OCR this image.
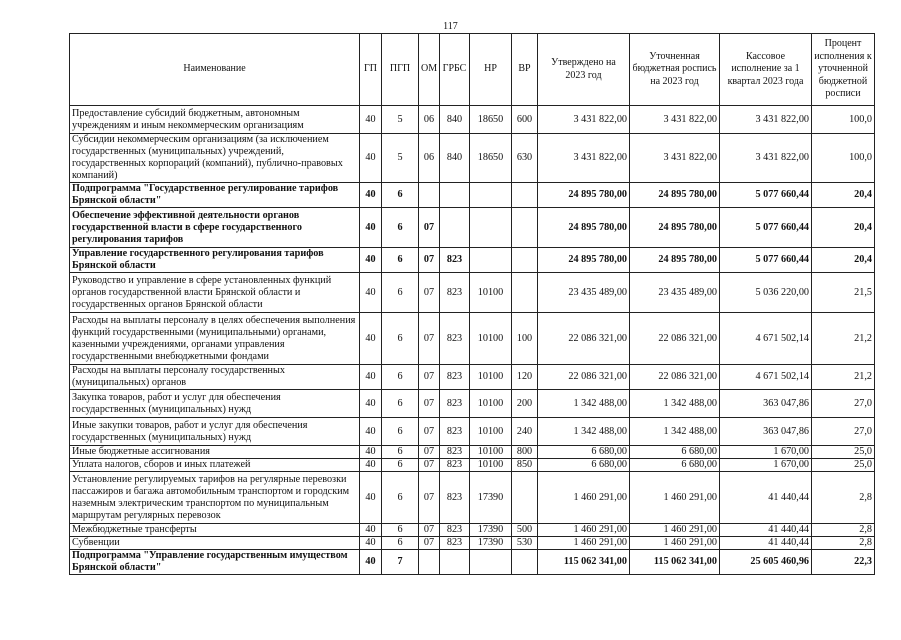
117
Наименование	ГП	ПГП	ОМ	ГРБС	НР	ВР	Утверждено на 2023 год	Уточненная бюджетная роспись на 2023 год	Кассовое исполнение за 1 квартал 2023 года	Процент исполнения к уточненной бюджетной росписи
Предоставление субсидий бюджетным, автономным учреждениям и иным некоммерческим организациям	40	5	06	840	18650	600	3 431 822,00	3 431 822,00	3 431 822,00	100,0
Субсидии некоммерческим организациям (за исключением государственных (муниципальных) учреждений, государственных корпораций (компаний), публично-правовых компаний)	40	5	06	840	18650	630	3 431 822,00	3 431 822,00	3 431 822,00	100,0
Подпрограмма "Государственное регулирование тарифов Брянской области"	40	6					24 895 780,00	24 895 780,00	5 077 660,44	20,4
Обеспечение эффективной деятельности органов государственной власти в сфере государственного регулирования тарифов	40	6	07				24 895 780,00	24 895 780,00	5 077 660,44	20,4
Управление государственного регулирования тарифов Брянской области	40	6	07	823			24 895 780,00	24 895 780,00	5 077 660,44	20,4
Руководство и управление в сфере установленных функций органов государственной власти Брянской области и государственных органов Брянской области	40	6	07	823	10100		23 435 489,00	23 435 489,00	5 036 220,00	21,5
Расходы на выплаты персоналу в целях обеспечения выполнения функций государственными (муниципальными) органами, казенными учреждениями, органами управления государственными внебюджетными фондами	40	6	07	823	10100	100	22 086 321,00	22 086 321,00	4 671 502,14	21,2
Расходы на выплаты персоналу государственных (муниципальных) органов	40	6	07	823	10100	120	22 086 321,00	22 086 321,00	4 671 502,14	21,2
Закупка товаров, работ и услуг для обеспечения государственных (муниципальных) нужд	40	6	07	823	10100	200	1 342 488,00	1 342 488,00	363 047,86	27,0
Иные закупки товаров, работ и услуг для обеспечения государственных (муниципальных) нужд	40	6	07	823	10100	240	1 342 488,00	1 342 488,00	363 047,86	27,0
Иные бюджетные ассигнования	40	6	07	823	10100	800	6 680,00	6 680,00	1 670,00	25,0
Уплата налогов, сборов и иных платежей	40	6	07	823	10100	850	6 680,00	6 680,00	1 670,00	25,0
Установление регулируемых тарифов на регулярные перевозки пассажиров и багажа автомобильным транспортом и городским наземным электрическим транспортом по муниципальным маршрутам регулярных перевозок	40	6	07	823	17390		1 460 291,00	1 460 291,00	41 440,44	2,8
Межбюджетные трансферты	40	6	07	823	17390	500	1 460 291,00	1 460 291,00	41 440,44	2,8
Субвенции	40	6	07	823	17390	530	1 460 291,00	1 460 291,00	41 440,44	2,8
Подпрограмма "Управление государственным имуществом Брянской области"	40	7					115 062 341,00	115 062 341,00	25 605 460,96	22,3
